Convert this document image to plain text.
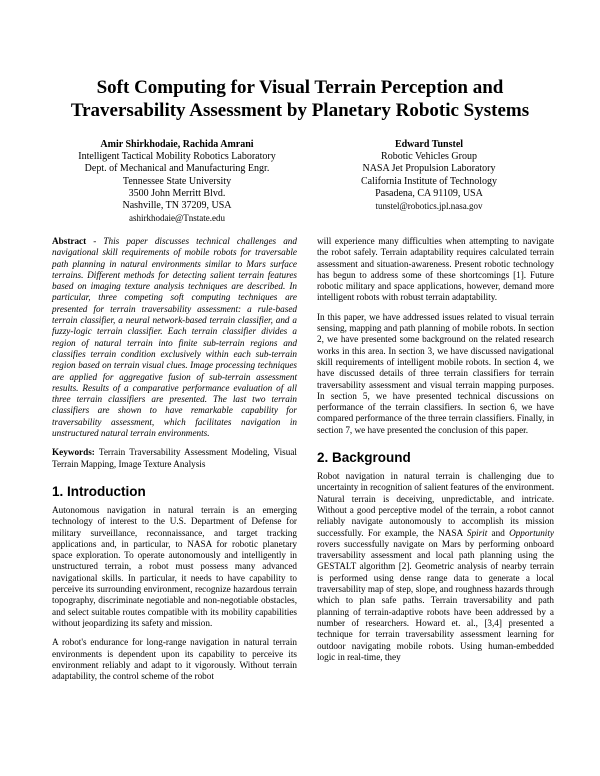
Soft Computing for Visual Terrain Perception and
Traversability Assessment by Planetary Robotic Systems
Amir Shirkhodaie, Rachida Amrani
Intelligent Tactical Mobility Robotics Laboratory
Dept. of Mechanical and Manufacturing Engr.
Tennessee State University
3500 John Merritt Blvd.
Nashville, TN 37209, USA
ashirkhodaie@Tnstate.edu
Edward Tunstel
Robotic Vehicles Group
NASA Jet Propulsion Laboratory
California Institute of Technology
Pasadena, CA 91109, USA
tunstel@robotics.jpl.nasa.gov

Abstract - This paper discusses technical challenges and navigational skill requirements of mobile robots for traversable path planning in natural environments similar to Mars surface terrains. Different methods for detecting salient terrain features based on imaging texture analysis techniques are described. In particular, three competing soft computing techniques are presented for terrain traversability assessment: a rule-based terrain classifier, a neural network-based terrain classifier, and a fuzzy-logic terrain classifier. Each terrain classifier divides a region of natural terrain into finite sub-terrain regions and classifies terrain condition exclusively within each sub-terrain region based on terrain visual clues. Image processing techniques are applied for aggregative fusion of sub-terrain assessment results. Results of a comparative performance evaluation of all three terrain classifiers are presented. The last two terrain classifiers are shown to have remarkable capability for traversability assessment, which facilitates navigation in unstructured natural terrain environments.

Keywords: Terrain Traversability Assessment Modeling, Visual Terrain Mapping, Image Texture Analysis

1. Introduction

Autonomous navigation in natural terrain is an emerging technology of interest to the U.S. Department of Defense for military surveillance, reconnaissance, and target tracking applications and, in particular, to NASA for robotic planetary space exploration. To operate autonomously and intelligently in unstructured terrain, a robot must possess many advanced navigational skills. In particular, it needs to have capability to perceive its surrounding environment, recognize hazardous terrain topography, discriminate negotiable and non-negotiable obstacles, and select suitable routes compatible with its mobility capabilities without jeopardizing its safety and mission.

A robot's endurance for long-range navigation in natural terrain environments is dependent upon its capability to perceive its environment reliably and adapt to it vigorously. Without terrain adaptability, the control scheme of the robot

will experience many difficulties when attempting to navigate the robot safely. Terrain adaptability requires calculated terrain assessment and situation-awareness. Present robotic technology has begun to address some of these shortcomings [1]. Future robotic military and space applications, however, demand more intelligent robots with robust terrain adaptability.

In this paper, we have addressed issues related to visual terrain sensing, mapping and path planning of mobile robots. In section 2, we have presented some background on the related research works in this area. In section 3, we have discussed navigational skill requirements of intelligent mobile robots. In section 4, we have discussed details of three terrain classifiers for terrain traversability assessment and visual terrain mapping purposes. In section 5, we have presented technical discussions on performance of the terrain classifiers. In section 6, we have compared performance of the three terrain classifiers. Finally, in section 7, we have presented the conclusion of this paper.

2. Background

Robot navigation in natural terrain is challenging due to uncertainty in recognition of salient features of the environment. Natural terrain is deceiving, unpredictable, and intricate. Without a good perceptive model of the terrain, a robot cannot reliably navigate autonomously to accomplish its mission successfully. For example, the NASA Spirit and Opportunity rovers successfully navigate on Mars by performing onboard traversability assessment and local path planning using the GESTALT algorithm [2]. Geometric analysis of nearby terrain is performed using dense range data to generate a local traversability map of step, slope, and roughness hazards through which to plan safe paths. Terrain traversability and path planning of terrain-adaptive robots have been addressed by a number of researchers. Howard et. al., [3,4] presented a technique for terrain traversability assessment learning for outdoor navigating mobile robots. Using human-embedded logic in real-time, they
